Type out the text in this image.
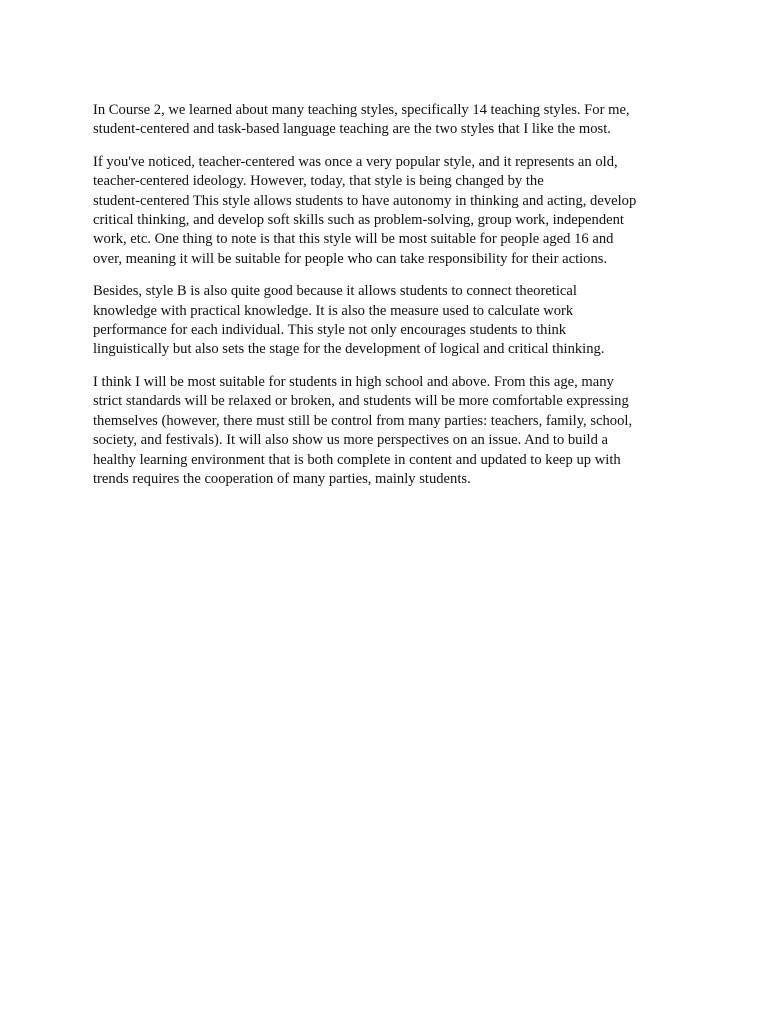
In Course 2, we learned about many teaching styles, specifically 14 teaching styles. For me,
student-centered and task-based language teaching are the two styles that I like the most.

If you've noticed, teacher-centered was once a very popular style, and it represents an old,
teacher-centered ideology. However, today, that style is being changed by the
student-centered This style allows students to have autonomy in thinking and acting, develop
critical thinking, and develop soft skills such as problem-solving, group work, independent
work, etc. One thing to note is that this style will be most suitable for people aged 16 and
over, meaning it will be suitable for people who can take responsibility for their actions.

Besides, style B is also quite good because it allows students to connect theoretical
knowledge with practical knowledge. It is also the measure used to calculate work
performance for each individual. This style not only encourages students to think
linguistically but also sets the stage for the development of logical and critical thinking.

I think I will be most suitable for students in high school and above. From this age, many
strict standards will be relaxed or broken, and students will be more comfortable expressing
themselves (however, there must still be control from many parties: teachers, family, school,
society, and festivals). It will also show us more perspectives on an issue. And to build a
healthy learning environment that is both complete in content and updated to keep up with
trends requires the cooperation of many parties, mainly students.
